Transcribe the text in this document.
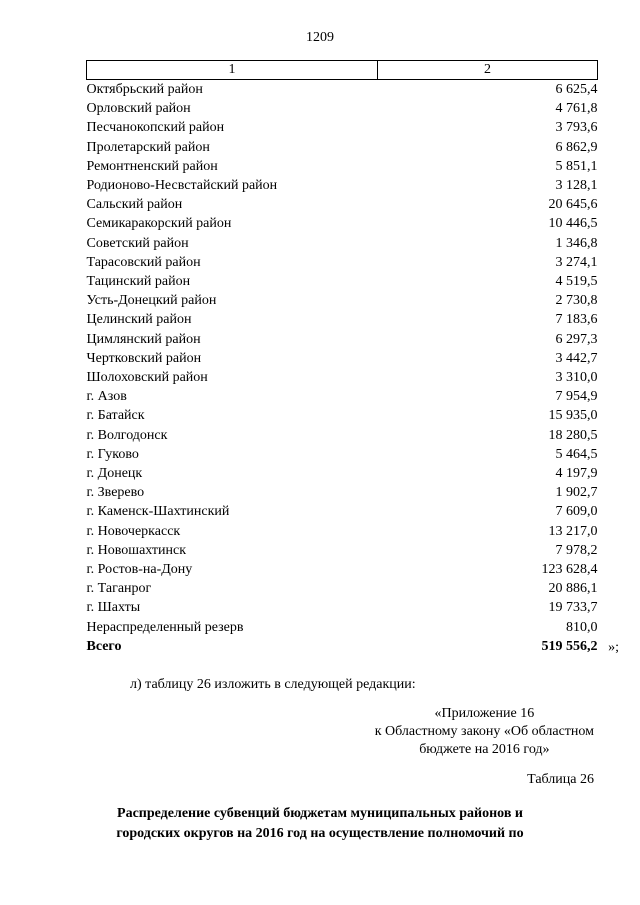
1209
1	2
Октябрьский район	6 625,4
Орловский район	4 761,8
Песчанокопский район	3 793,6
Пролетарский район	6 862,9
Ремонтненский район	5 851,1
Родионово-Несвстайский район	3 128,1
Сальский район	20 645,6
Семикаракорский район	10 446,5
Советский район	1 346,8
Тарасовский район	3 274,1
Тацинский район	4 519,5
Усть-Донецкий район	2 730,8
Целинский район	7 183,6
Цимлянский район	6 297,3
Чертковский район	3 442,7
Шолоховский район	3 310,0
г. Азов	7 954,9
г. Батайск	15 935,0
г. Волгодонск	18 280,5
г. Гуково	5 464,5
г. Донецк	4 197,9
г. Зверево	1 902,7
г. Каменск-Шахтинский	7 609,0
г. Новочеркасск	13 217,0
г. Новошахтинск	7 978,2
г. Ростов-на-Дону	123 628,4
г. Таганрог	20 886,1
г. Шахты	19 733,7
Нераспределенный резерв	810,0
Всего	519 556,2 »;
л) таблицу 26 изложить в следующей редакции:
«Приложение 16
к Областному закону «Об областном
бюджете на 2016 год»
Таблица 26
Распределение субвенций бюджетам муниципальных районов и
городских округов на 2016 год на осуществление полномочий по
